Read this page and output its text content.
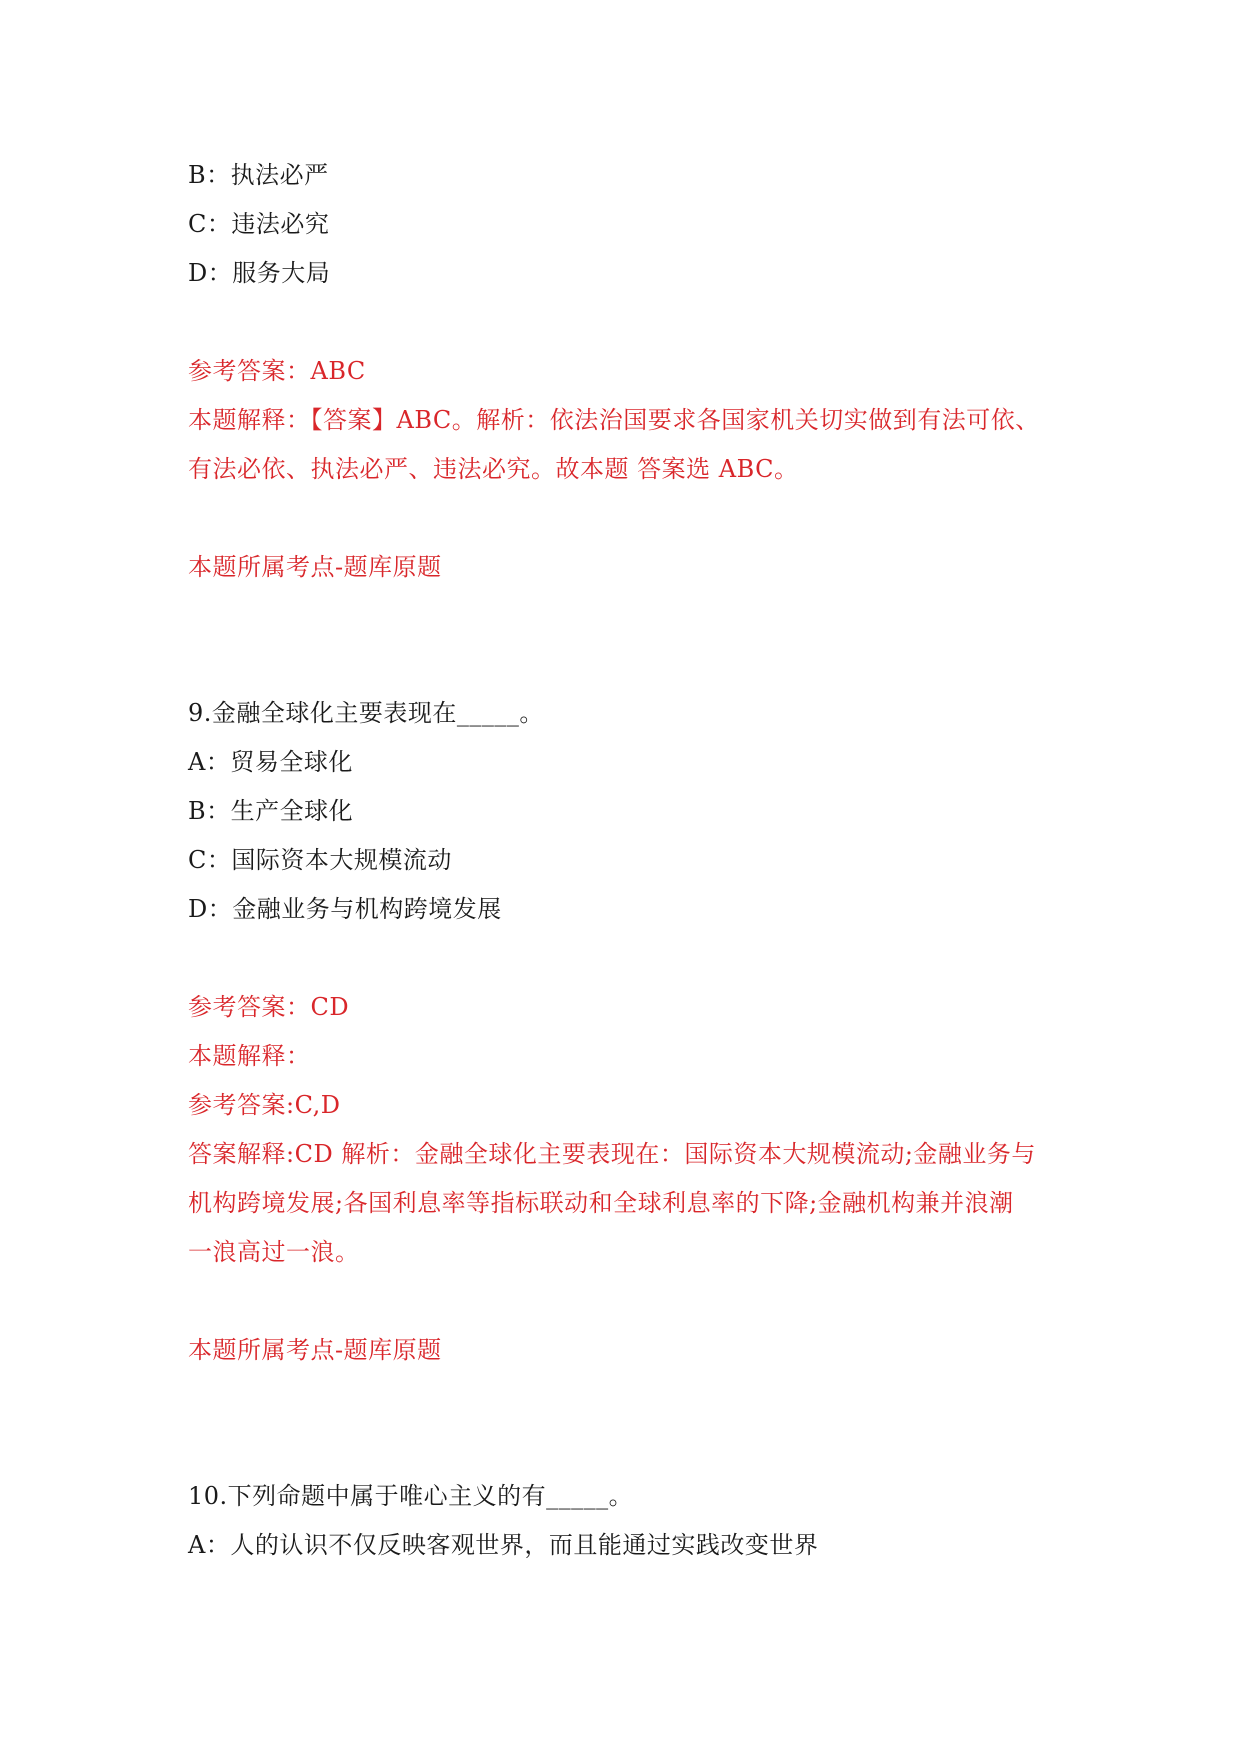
B：执法必严
C：违法必究
D：服务大局
参考答案：ABC
本题解释：【答案】ABC。解析：依法治国要求各国家机关切实做到有法可依、
有法必依、执法必严、违法必究。故本题 答案选 ABC。
本题所属考点-题库原题
9.金融全球化主要表现在_____。
A：贸易全球化
B：生产全球化
C：国际资本大规模流动
D：金融业务与机构跨境发展
参考答案：CD
本题解释：
参考答案:C,D
答案解释:CD 解析：金融全球化主要表现在：国际资本大规模流动;金融业务与
机构跨境发展;各国利息率等指标联动和全球利息率的下降;金融机构兼并浪潮
一浪高过一浪。
本题所属考点-题库原题
10.下列命题中属于唯心主义的有_____。
A：人的认识不仅反映客观世界，而且能通过实践改变世界
